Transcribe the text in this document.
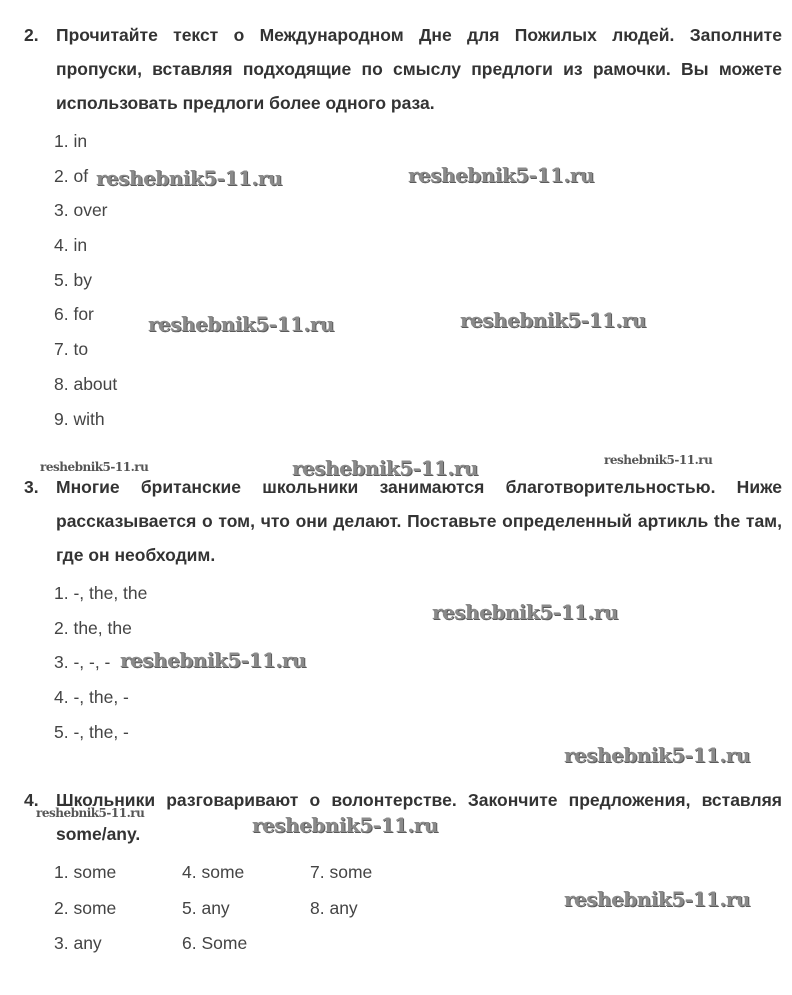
2. Прочитайте текст о Международном Дне для Пожилых людей. Заполните пропуски, вставляя подходящие по смыслу предлоги из рамочки. Вы можете использовать предлоги более одного раза.
1. in
2. of
3. over
4. in
5. by
6. for
7. to
8. about
9. with
3. Многие британские школьники занимаются благотворительностью. Ниже рассказывается о том, что они делают. Поставьте определенный артикль the там, где он необходим.
1. -, the, the
2. the, the
3. -, -, -
4. -, the, -
5. -, the, -
4. Школьники разговаривают о волонтерстве. Закончите предложения, вставляя some/any.
1. some	4. some	7. some
2. some	5. any	8. any
3. any	6. Some
reshebnik5-11.ru	reshebnik5-11.ru
reshebnik5-11.ru	reshebnik5-11.ru
reshebnik5-11.ru	reshebnik5-11.ru	reshebnik5-11.ru
reshebnik5-11.ru
reshebnik5-11.ru
reshebnik5-11.ru
reshebnik5-11.ru	reshebnik5-11.ru
reshebnik5-11.ru
